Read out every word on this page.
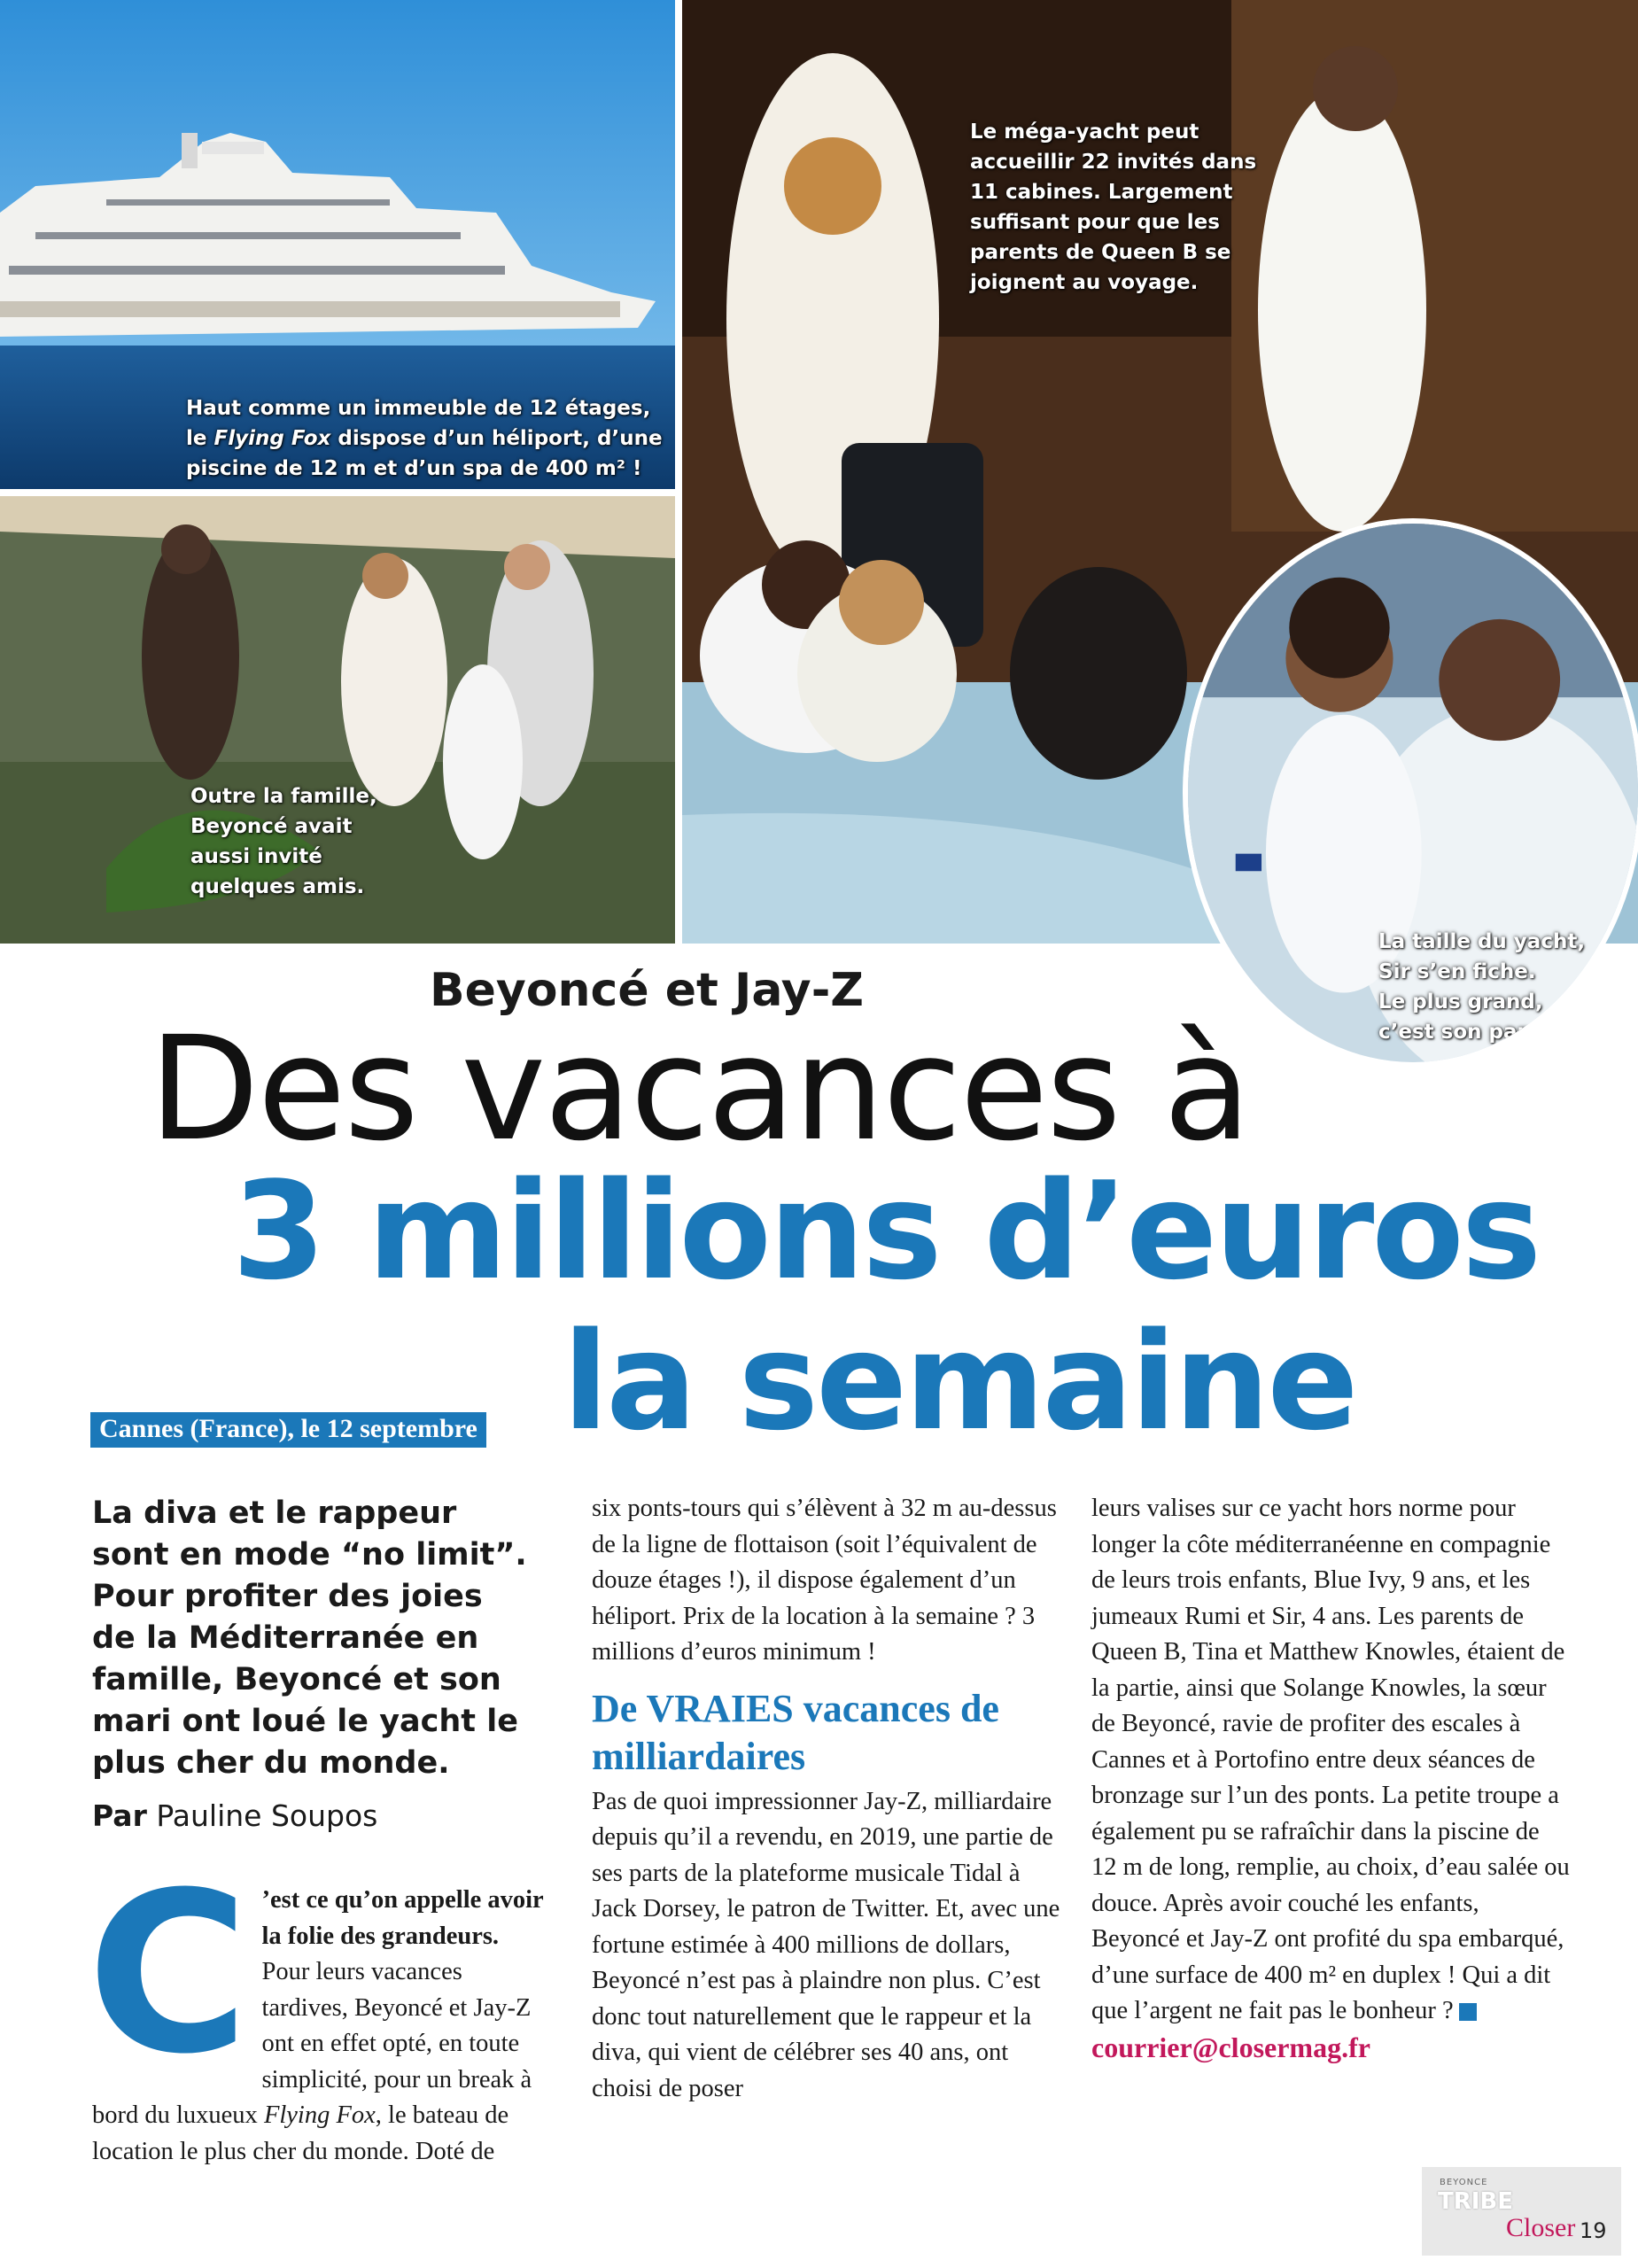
Haut comme un immeuble de 12 étages,
le Flying Fox dispose d’un héliport, d’une
piscine de 12 m et d’un spa de 400 m² !
Outre la famille,
Beyoncé avait
aussi invité
quelques amis.
Le méga-yacht peut
accueillir 22 invités dans
11 cabines. Largement
suffisant pour que les
parents de Queen B se
joignent au voyage.
La taille du yacht,
Sir s’en fiche.
Le plus grand,
c’est son papa !
Beyoncé et Jay-Z
Des vacances à
3 millions d’euros
la semaine
Cannes (France), le 12 septembre
La diva et le rappeur sont en mode “no limit”. Pour profiter des joies de la Méditerranée en famille, Beyoncé et son mari ont loué le yacht le plus cher du monde.
Par Pauline Soupos
C ’est ce qu’on appelle avoir la folie des grandeurs. Pour leurs vacances tardives, Beyoncé et Jay-Z ont en effet opté, en toute simplicité, pour un break à bord du luxueux Flying Fox, le bateau de location le plus cher du monde. Doté de
six ponts-tours qui s’élèvent à 32 m au-dessus de la ligne de flottaison (soit l’équivalent de douze étages !), il dispose également d’un héliport. Prix de la location à la semaine ? 3 millions d’euros minimum !
De VRAIES vacances de milliardaires
Pas de quoi impressionner Jay-Z, milliardaire depuis qu’il a revendu, en 2019, une partie de ses parts de la plateforme musicale Tidal à Jack Dorsey, le patron de Twitter. Et, avec une fortune estimée à 400 millions de dollars, Beyoncé n’est pas à plaindre non plus. C’est donc tout naturellement que le rappeur et la diva, qui vient de célébrer ses 40 ans, ont choisi de poser
leurs valises sur ce yacht hors norme pour longer la côte méditerranéenne en compagnie de leurs trois enfants, Blue Ivy, 9 ans, et les jumeaux Rumi et Sir, 4 ans. Les parents de Queen B, Tina et Matthew Knowles, étaient de la partie, ainsi que Solange Knowles, la sœur de Beyoncé, ravie de profiter des escales à Cannes et à Portofino entre deux séances de bronzage sur l’un des ponts. La petite troupe a également pu se rafraîchir dans la piscine de 12 m de long, remplie, au choix, d’eau salée ou douce. Après avoir couché les enfants, Beyoncé et Jay-Z ont profité du spa embarqué, d’une surface de 400 m² en duplex ! Qui a dit que l’argent ne fait pas le bonheur ?
courrier@closermag.fr
BEYONCE
TRIBE
Closer 19
